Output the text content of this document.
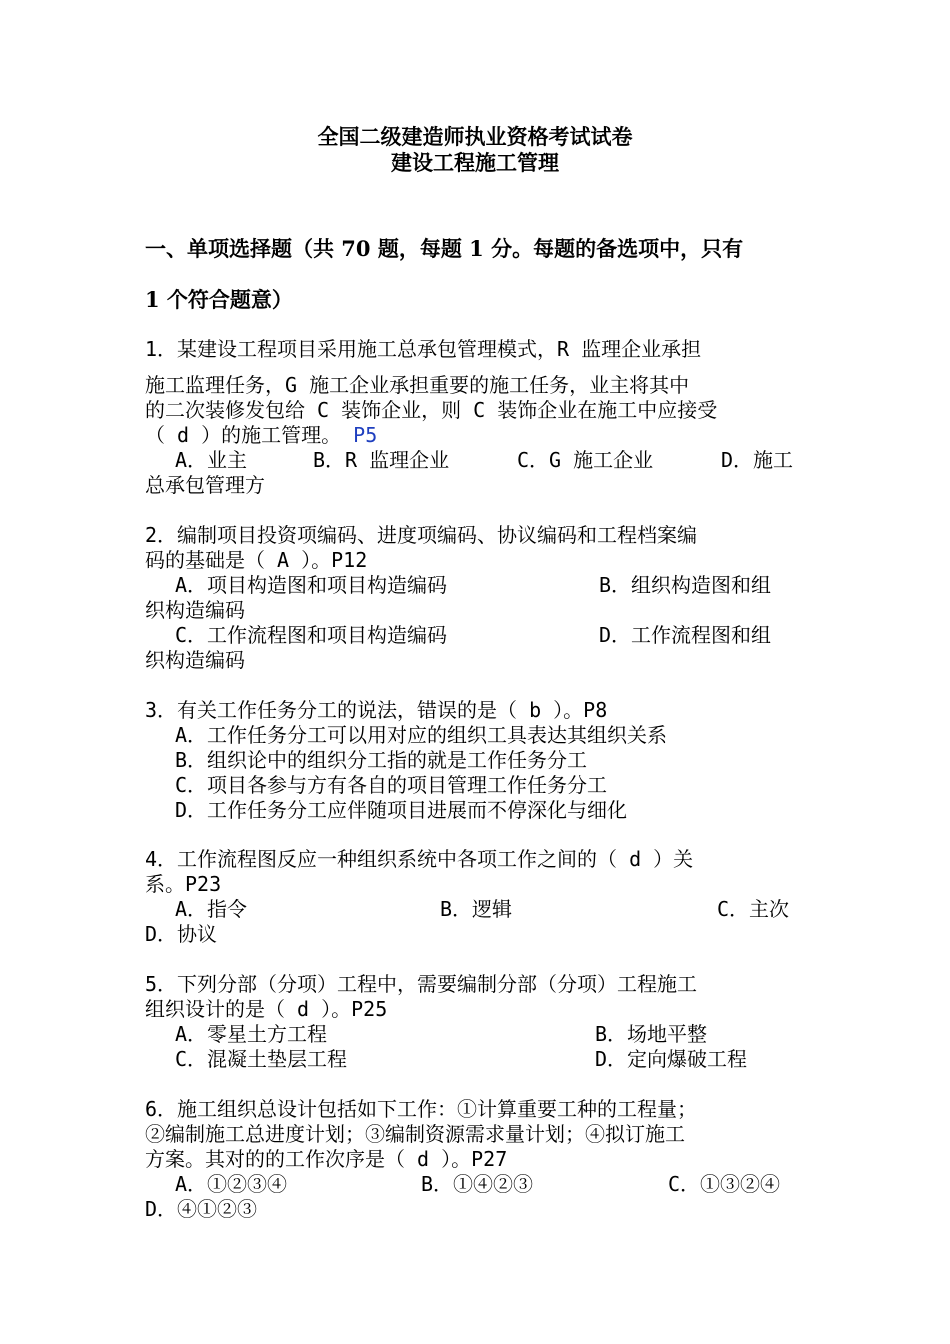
全国二级建造师执业资格考试试卷
建设工程施工管理
一、单项选择题（共 70 题，每题 1 分。每题的备选项中，只有
1 个符合题意）
1．某建设工程项目采用施工总承包管理模式，R 监理企业承担
施工监理任务，G 施工企业承担重要的施工任务，业主将其中
的二次装修发包给 C 装饰企业，则 C 装饰企业在施工中应接受
（ d ）的施工管理。 P5
A．业主	B．R 监理企业	C．G 施工企业	D．施工
总承包管理方
2．编制项目投资项编码、进度项编码、协议编码和工程档案编
码的基础是（ A ）。P12
A．项目构造图和项目构造编码	B．组织构造图和组
织构造编码
C．工作流程图和项目构造编码	D．工作流程图和组
织构造编码
3．有关工作任务分工的说法，错误的是（ b ）。P8
A．工作任务分工可以用对应的组织工具表达其组织关系
B．组织论中的组织分工指的就是工作任务分工
C．项目各参与方有各自的项目管理工作任务分工
D．工作任务分工应伴随项目进展而不停深化与细化
4．工作流程图反应一种组织系统中各项工作之间的（ d ）关
系。P23
A．指令	B．逻辑	C．主次
D．协议
5．下列分部（分项）工程中，需要编制分部（分项）工程施工
组织设计的是（ d ）。P25
A．零星土方工程	B．场地平整
C．混凝土垫层工程	D．定向爆破工程
6．施工组织总设计包括如下工作：①计算重要工种的工程量；
②编制施工总进度计划；③编制资源需求量计划；④拟订施工
方案。其对的的工作次序是（ d ）。P27
A．①②③④	B．①④②③	C．①③②④
D．④①②③
